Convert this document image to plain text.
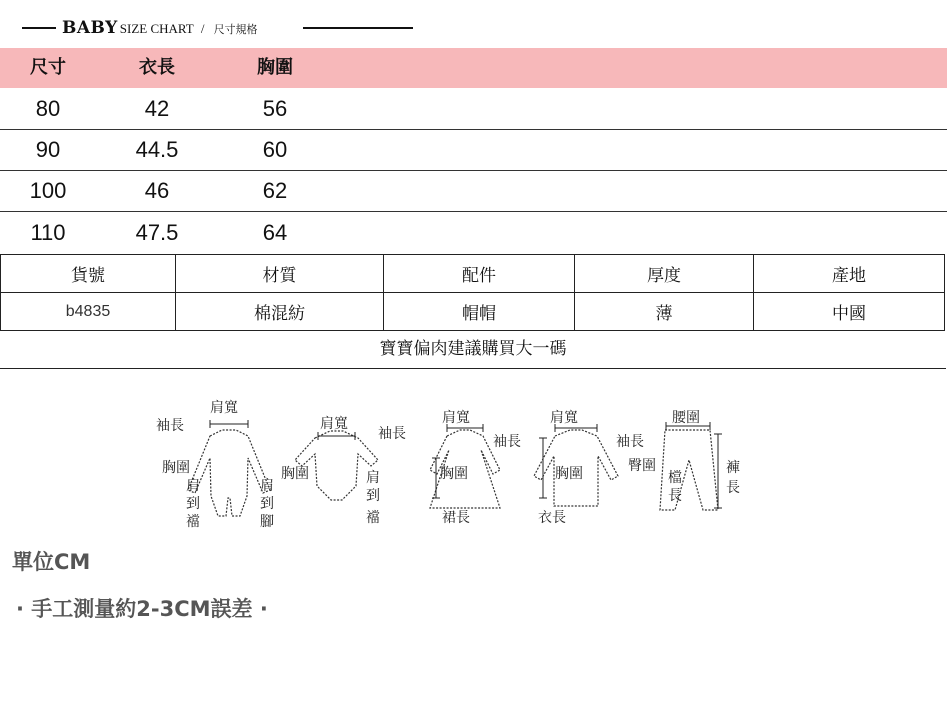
BABY SIZE CHART / 尺寸規格
尺寸	衣長	胸圍
80	42	56
90	44.5	60
100	46	62
110	47.5	64
貨號	材質	配件	厚度	產地
b4835	棉混紡	帽帽	薄	中國
寶寶偏肉建議購買大一碼
肩寬
袖長
胸圍
肩
到
襠
肩
到
腳
肩寬
袖長
胸圍	肩
到
襠
肩寬
袖長
胸圍
裙長
肩寬
袖長
胸圍
衣長
腰圍
臀圍
檔
長
褲
長
單位CM
· 手工測量約2-3CM誤差 ·
